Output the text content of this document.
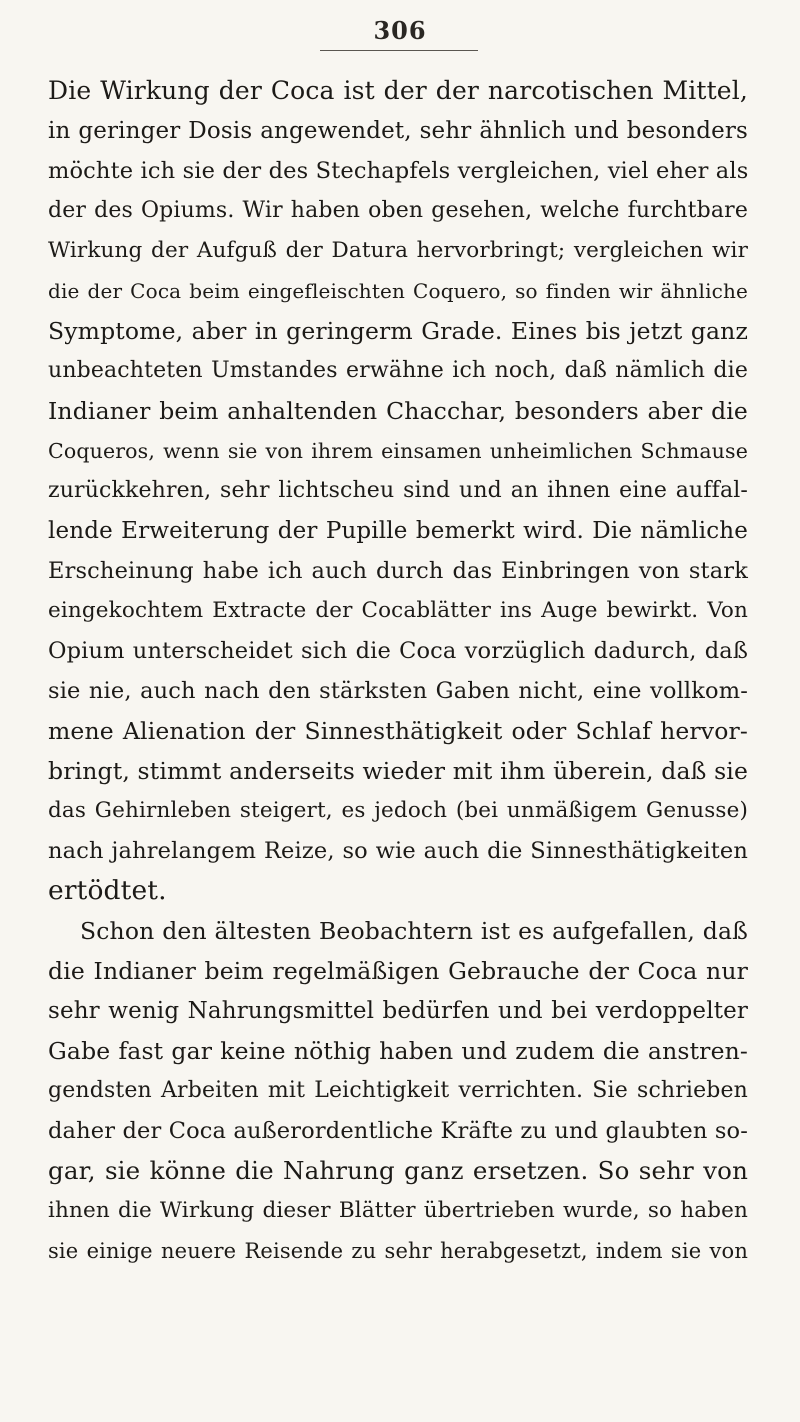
306
Die Wirkung der Coca ist der der narcotischen Mittel,
in geringer Dosis angewendet, sehr ähnlich und besonders
möchte ich sie der des Stechapfels vergleichen, viel eher als
der des Opiums. Wir haben oben gesehen, welche furchtbare
Wirkung der Aufguß der Datura hervorbringt; vergleichen wir
die der Coca beim eingefleischten Coquero, so finden wir ähnliche
Symptome, aber in geringerm Grade. Eines bis jetzt ganz
unbeachteten Umstandes erwähne ich noch, daß nämlich die
Indianer beim anhaltenden Chacchar, besonders aber die
Coqueros, wenn sie von ihrem einsamen unheimlichen Schmause
zurückkehren, sehr lichtscheu sind und an ihnen eine auffal-
lende Erweiterung der Pupille bemerkt wird. Die nämliche
Erscheinung habe ich auch durch das Einbringen von stark
eingekochtem Extracte der Cocablätter ins Auge bewirkt. Von
Opium unterscheidet sich die Coca vorzüglich dadurch, daß
sie nie, auch nach den stärksten Gaben nicht, eine vollkom-
mene Alienation der Sinnesthätigkeit oder Schlaf hervor-
bringt, stimmt anderseits wieder mit ihm überein, daß sie
das Gehirnleben steigert, es jedoch (bei unmäßigem Genusse)
nach jahrelangem Reize, so wie auch die Sinnesthätigkeiten
ertödtet.
Schon den ältesten Beobachtern ist es aufgefallen, daß
die Indianer beim regelmäßigen Gebrauche der Coca nur
sehr wenig Nahrungsmittel bedürfen und bei verdoppelter
Gabe fast gar keine nöthig haben und zudem die anstren-
gendsten Arbeiten mit Leichtigkeit verrichten. Sie schrieben
daher der Coca außerordentliche Kräfte zu und glaubten so-
gar, sie könne die Nahrung ganz ersetzen. So sehr von
ihnen die Wirkung dieser Blätter übertrieben wurde, so haben
sie einige neuere Reisende zu sehr herabgesetzt, indem sie von
